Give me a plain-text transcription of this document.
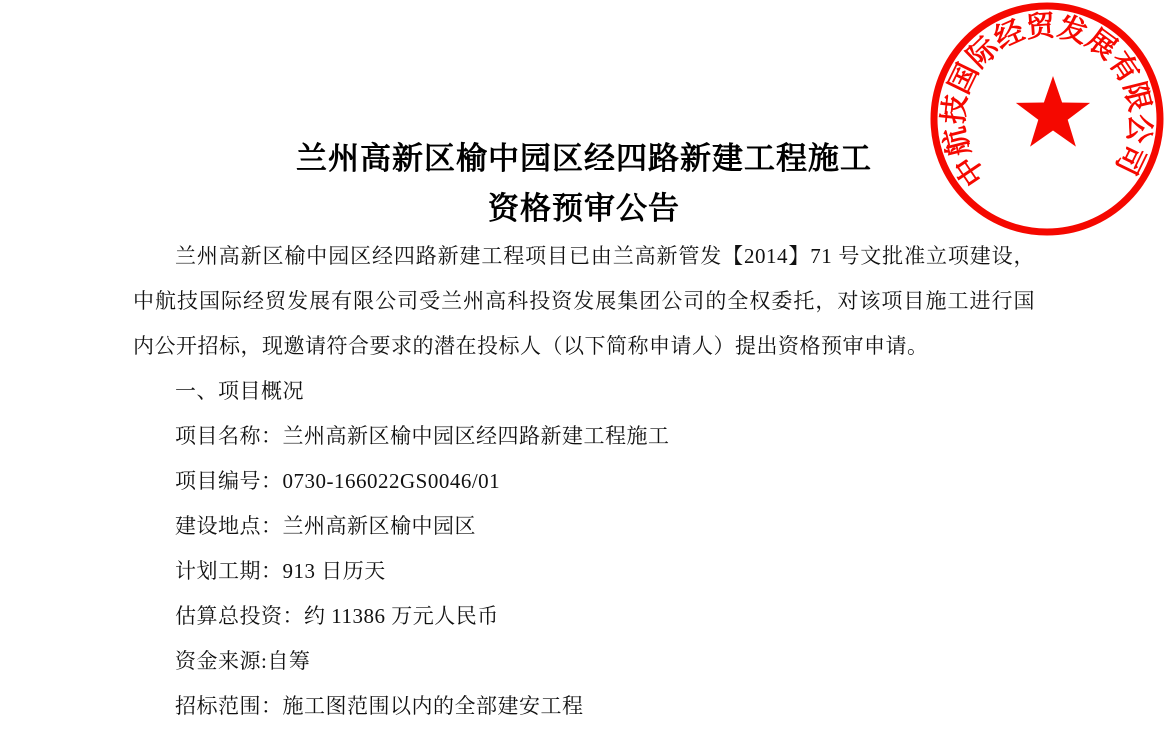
兰州高新区榆中园区经四路新建工程施工
资格预审公告

兰州高新区榆中园区经四路新建工程项目已由兰高新管发【2014】71 号文批准立项建设，中航技国际经贸发展有限公司受兰州高科投资发展集团公司的全权委托，对该项目施工进行国内公开招标，现邀请符合要求的潜在投标人（以下简称申请人）提出资格预审申请。

一、项目概况
项目名称：兰州高新区榆中园区经四路新建工程施工
项目编号：0730-166022GS0046/01
建设地点：兰州高新区榆中园区
计划工期：913 日历天
估算总投资：约 11386 万元人民币
资金来源:自筹
招标范围：施工图范围以内的全部建安工程
中
航
技
国
际
经
贸
发
展
有
限
公
司
